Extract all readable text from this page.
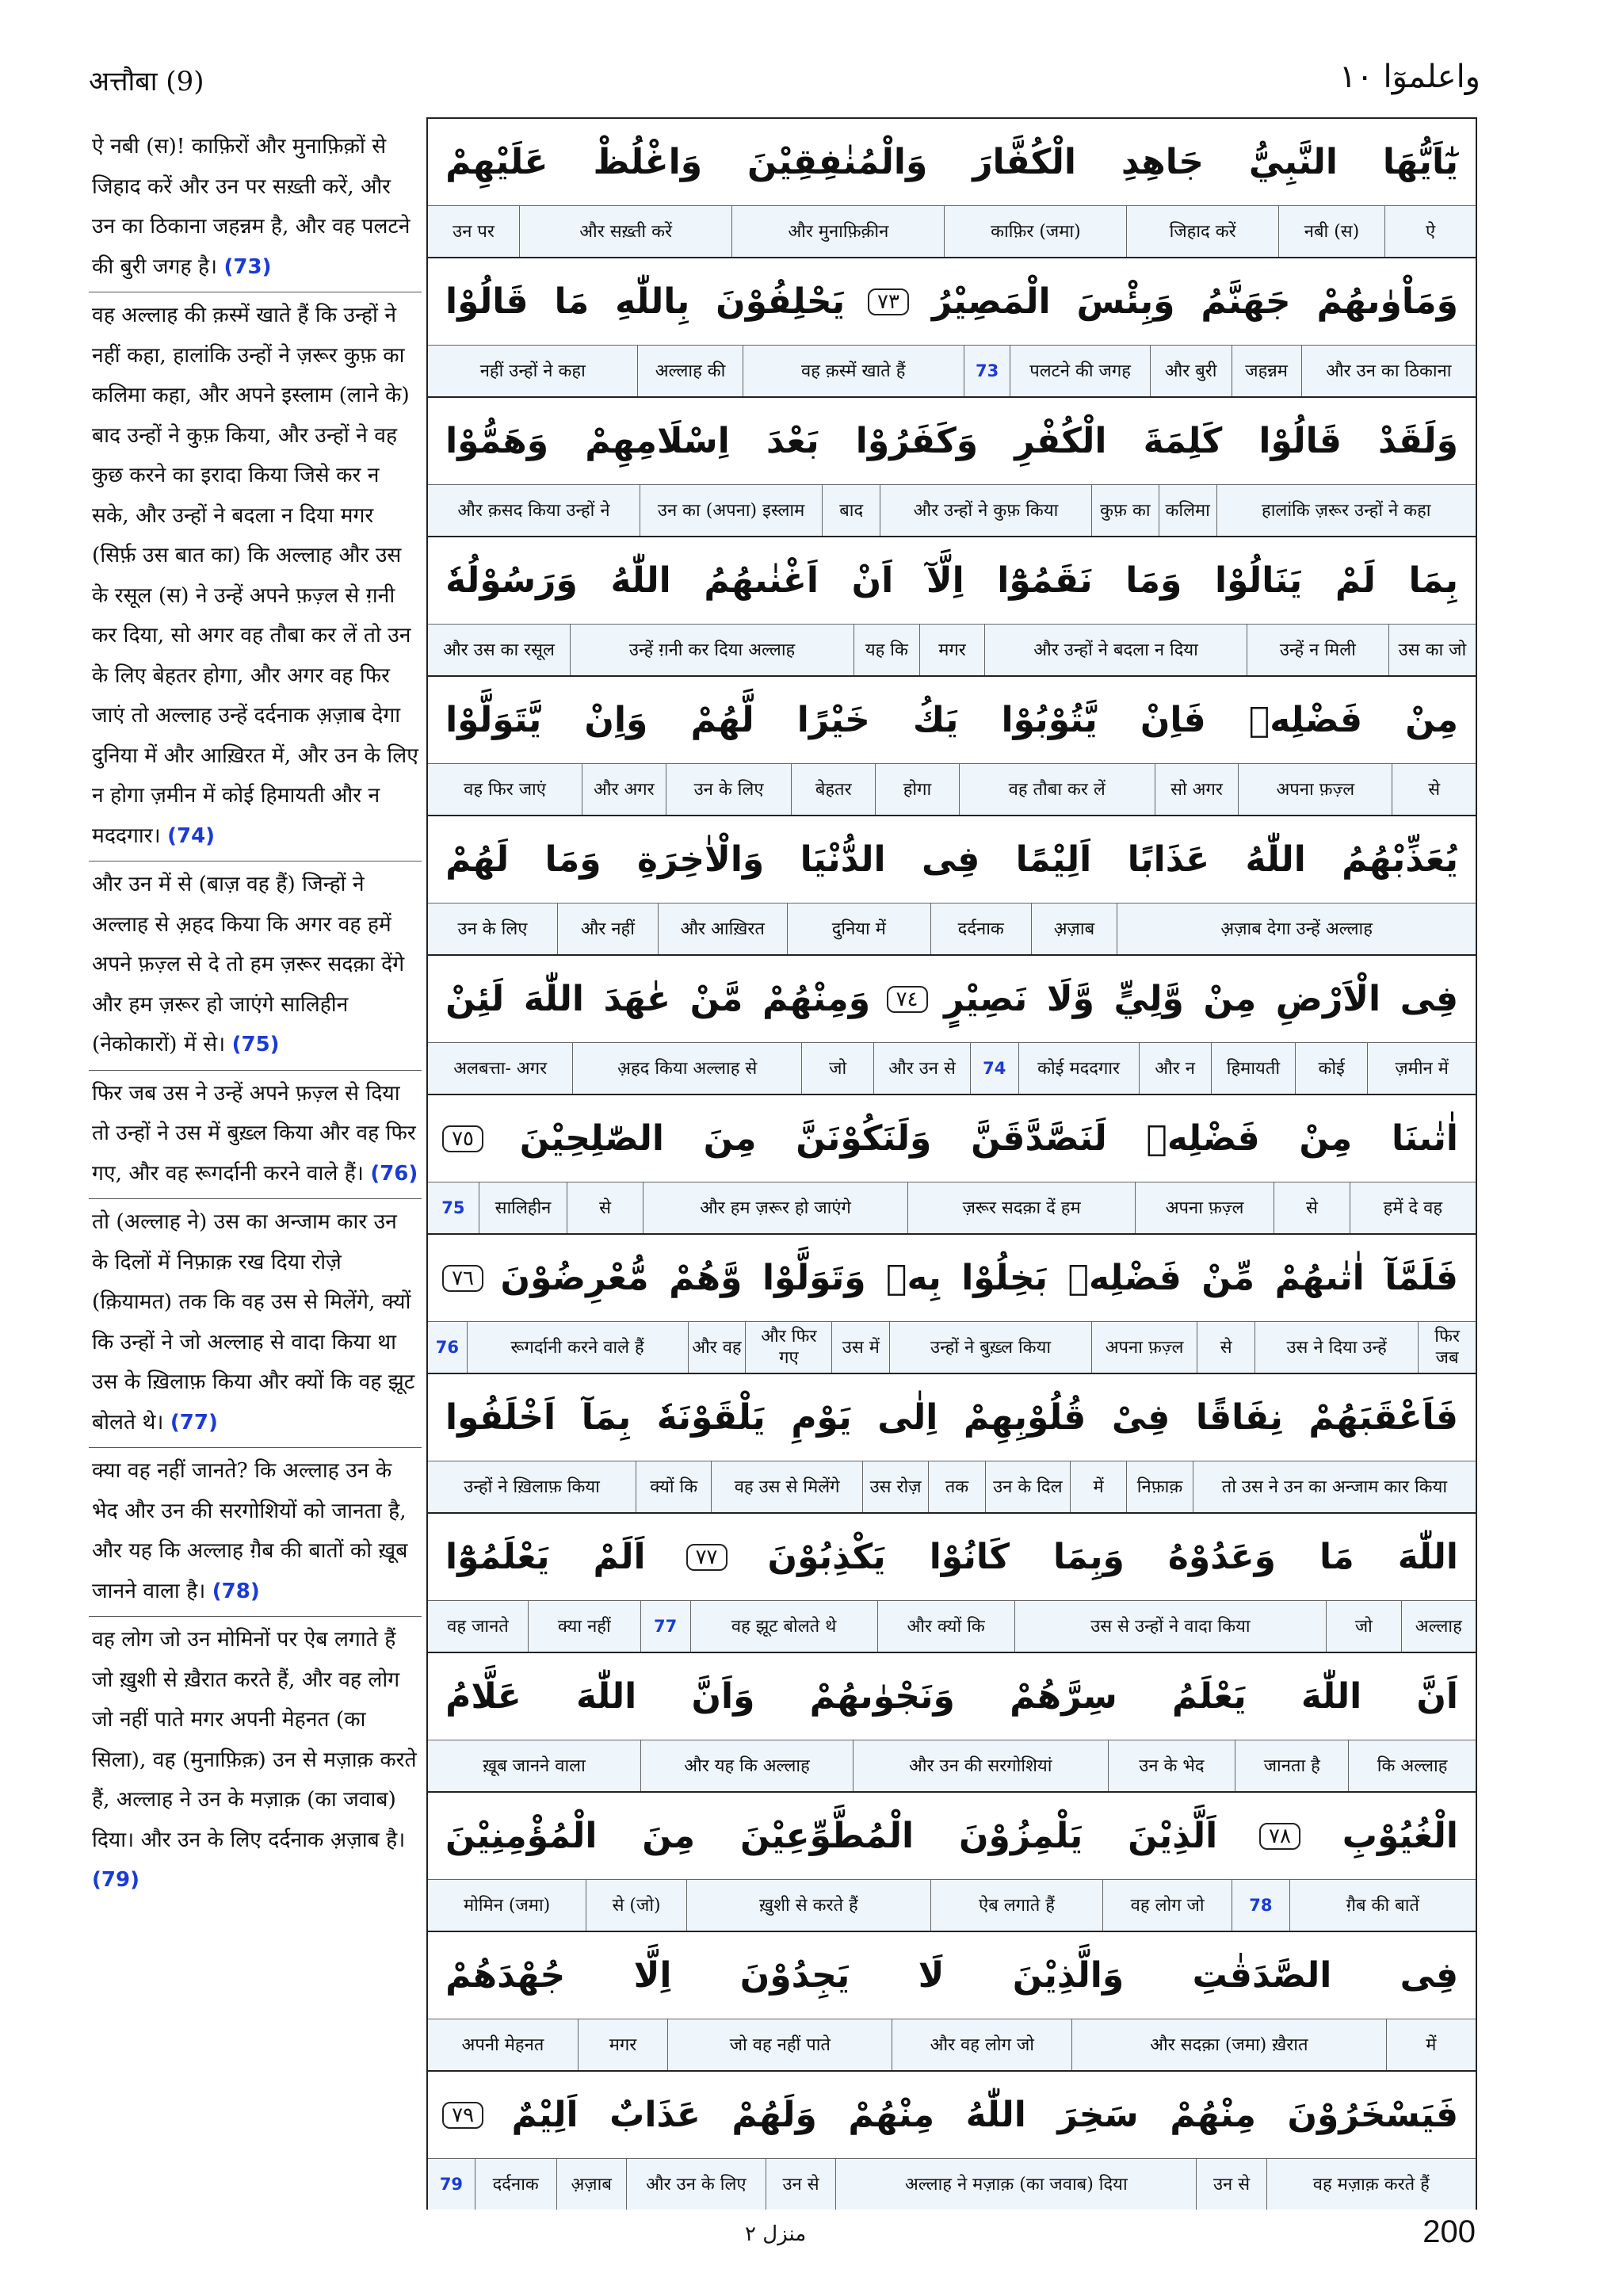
अत्तौबा (9)	واعلموٓا ١٠
ऐ नबी (स)! काफ़िरों और मुनाफ़िक़ों से जिहाद करें और उन पर सख़्ती करें, और उन का ठिकाना जहन्नम है, और वह पलटने की बुरी जगह है। (73)
वह अल्लाह की क़स्में खाते हैं कि उन्हों ने नहीं कहा, हालांकि उन्हों ने ज़रूर कुफ़ का कलिमा कहा, और अपने इस्लाम (लाने के) बाद उन्हों ने कुफ़ किया, और उन्हों ने वह कुछ करने का इरादा किया जिसे कर न सके, और उन्हों ने बदला न दिया मगर (सिर्फ़ उस बात का) कि अल्लाह और उस के रसूल (स) ने उन्हें अपने फ़ज़्ल से ग़नी कर दिया, सो अगर वह तौबा कर लें तो उन के लिए बेहतर होगा, और अगर वह फिर जाएं तो अल्लाह उन्हें दर्दनाक अ़ज़ाब देगा दुनिया में और आख़िरत में, और उन के लिए न होगा ज़मीन में कोई हिमायती और न मददगार। (74)
और उन में से (बाज़ वह हैं) जिन्हों ने अल्लाह से अ़हद किया कि अगर वह हमें अपने फ़ज़्ल से दे तो हम ज़रूर सदक़ा देंगे और हम ज़रूर हो जाएंगे सालिहीन (नेकोकारों) में से। (75)
फिर जब उस ने उन्हें अपने फ़ज़्ल से दिया तो उन्हों ने उस में बुख़्ल किया और वह फिर गए, और वह रूगर्दानी करने वाले हैं। (76)
तो (अल्लाह ने) उस का अन्जाम कार उन के दिलों में निफ़ाक़ रख दिया रोज़े (क़ियामत) तक कि वह उस से मिलेंगे, क्यों कि उन्हों ने जो अल्लाह से वादा किया था उस के ख़िलाफ़ किया और क्यों कि वह झूट बोलते थे। (77)
क्या वह नहीं जानते? कि अल्लाह उन के भेद और उन की सरगोशियों को जानता है, और यह कि अल्लाह ग़ैब की बातों को ख़ूब जानने वाला है। (78)
वह लोग जो उन मोमिनों पर ऐब लगाते हैं जो ख़ुशी से ख़ैरात करते हैं, और वह लोग जो नहीं पाते मगर अपनी मेहनत (का सिला), वह (मुनाफ़िक़) उन से मज़ाक़ करते हैं, अल्लाह ने उन के मज़ाक़ (का जवाब) दिया। और उन के लिए दर्दनाक अ़ज़ाब है। (79)
يٰٓاَيُّهَا
النَّبِيُّ
جَاهِدِ
الْكُفَّارَ
وَالْمُنٰفِقِيْنَ
وَاغْلُظْ
عَلَيْهِمْ
ऐ
नबी (स)
जिहाद करें
काफ़िर (जमा)
और मुनाफ़िक़ीन
और सख़्ती करें
उन पर
وَمَاْوٰىهُمْ
جَهَنَّمُ
وَبِئْسَ
الْمَصِيْرُ
٧٣
يَحْلِفُوْنَ
بِاللّٰهِ
مَا
قَالُوْا
और उन का ठिकाना
जहन्नम
और बुरी
पलटने की जगह
73
वह क़स्में खाते हैं
अल्लाह की
नहीं उन्हों ने कहा
وَلَقَدْ
قَالُوْا
كَلِمَةَ
الْكُفْرِ
وَكَفَرُوْا
بَعْدَ
اِسْلَامِهِمْ
وَهَمُّوْا
हालांकि ज़रूर उन्हों ने कहा
कलिमा
कुफ़ का
और उन्हों ने कुफ़ किया
बाद
उन का (अपना) इस्लाम
और क़सद किया उन्हों ने
بِمَا
لَمْ
يَنَالُوْا
وَمَا
نَقَمُوْٓا
اِلَّآ
اَنْ
اَغْنٰىهُمُ
اللّٰهُ
وَرَسُوْلُهٗ
उस का जो
उन्हें न मिली
और उन्हों ने बदला न दिया
मगर
यह कि
उन्हें ग़नी कर दिया अल्लाह
और उस का रसूल
مِنْ
فَضْلِهٖ
فَاِنْ
يَّتُوْبُوْا
يَكُ
خَيْرًا
لَّهُمْ
وَاِنْ
يَّتَوَلَّوْا
से
अपना फ़ज़्ल
सो अगर
वह तौबा कर लें
होगा
बेहतर
उन के लिए
और अगर
वह फिर जाएं
يُعَذِّبْهُمُ
اللّٰهُ
عَذَابًا
اَلِيْمًا
فِى
الدُّنْيَا
وَالْاٰخِرَةِ
وَمَا
لَهُمْ
अ़ज़ाब देगा उन्हें अल्लाह
अ़ज़ाब
दर्दनाक
दुनिया में
और आख़िरत
और नहीं
उन के लिए
فِى
الْاَرْضِ
مِنْ
وَّلِيٍّ
وَّلَا
نَصِيْرٍ
٧٤
وَمِنْهُمْ
مَّنْ
عٰهَدَ
اللّٰهَ
لَئِنْ
ज़मीन में
कोई
हिमायती
और न
कोई मददगार
74
और उन से
जो
अ़हद किया अल्लाह से
अलबत्ता- अगर
اٰتٰىنَا
مِنْ
فَضْلِهٖ
لَنَصَّدَّقَنَّ
وَلَنَكُوْنَنَّ
مِنَ
الصّٰلِحِيْنَ
٧٥
हमें दे वह
से
अपना फ़ज़्ल
ज़रूर सदक़ा दें हम
और हम ज़रूर हो जाएंगे
से
सालिहीन
75
فَلَمَّآ
اٰتٰىهُمْ
مِّنْ
فَضْلِهٖ
بَخِلُوْا
بِهٖ
وَتَوَلَّوْا
وَّهُمْ
مُّعْرِضُوْنَ
٧٦
फिर जब
उस ने दिया उन्हें
से
अपना फ़ज़्ल
उन्हों ने बुख़्ल किया
उस में
और फिर गए
और वह
रूगर्दानी करने वाले हैं
76
فَاَعْقَبَهُمْ
نِفَاقًا
فِىْ
قُلُوْبِهِمْ
اِلٰى
يَوْمِ
يَلْقَوْنَهٗ
بِمَآ
اَخْلَفُوا
तो उस ने उन का अन्जाम कार किया
निफ़ाक़
में
उन के दिल
तक
उस रोज़
वह उस से मिलेंगे
क्यों कि
उन्हों ने ख़िलाफ़ किया
اللّٰهَ
مَا
وَعَدُوْهُ
وَبِمَا
كَانُوْا
يَكْذِبُوْنَ
٧٧
اَلَمْ
يَعْلَمُوْٓا
अल्लाह
जो
उस से उन्हों ने वादा किया
और क्यों कि
वह झूट बोलते थे
77
क्या नहीं
वह जानते
اَنَّ
اللّٰهَ
يَعْلَمُ
سِرَّهُمْ
وَنَجْوٰىهُمْ
وَاَنَّ
اللّٰهَ
عَلَّامُ
कि अल्लाह
जानता है
उन के भेद
और उन की सरगोशियां
और यह कि अल्लाह
ख़ूब जानने वाला
الْغُيُوْبِ
٧٨
اَلَّذِيْنَ
يَلْمِزُوْنَ
الْمُطَّوِّعِيْنَ
مِنَ
الْمُؤْمِنِيْنَ
ग़ैब की बातें
78
वह लोग जो
ऐब लगाते हैं
ख़ुशी से करते हैं
से (जो)
मोमिन (जमा)
فِى
الصَّدَقٰتِ
وَالَّذِيْنَ
لَا
يَجِدُوْنَ
اِلَّا
جُهْدَهُمْ
में
और सदक़ा (जमा) ख़ैरात
और वह लोग जो
जो वह नहीं पाते
मगर
अपनी मेहनत
فَيَسْخَرُوْنَ
مِنْهُمْ
سَخِرَ
اللّٰهُ
مِنْهُمْ
وَلَهُمْ
عَذَابٌ
اَلِيْمٌ
٧٩
वह मज़ाक़ करते हैं
उन से
अल्लाह ने मज़ाक़ (का जवाब) दिया
उन से
और उन के लिए
अ़ज़ाब
दर्दनाक
79
منزل ٢	200
